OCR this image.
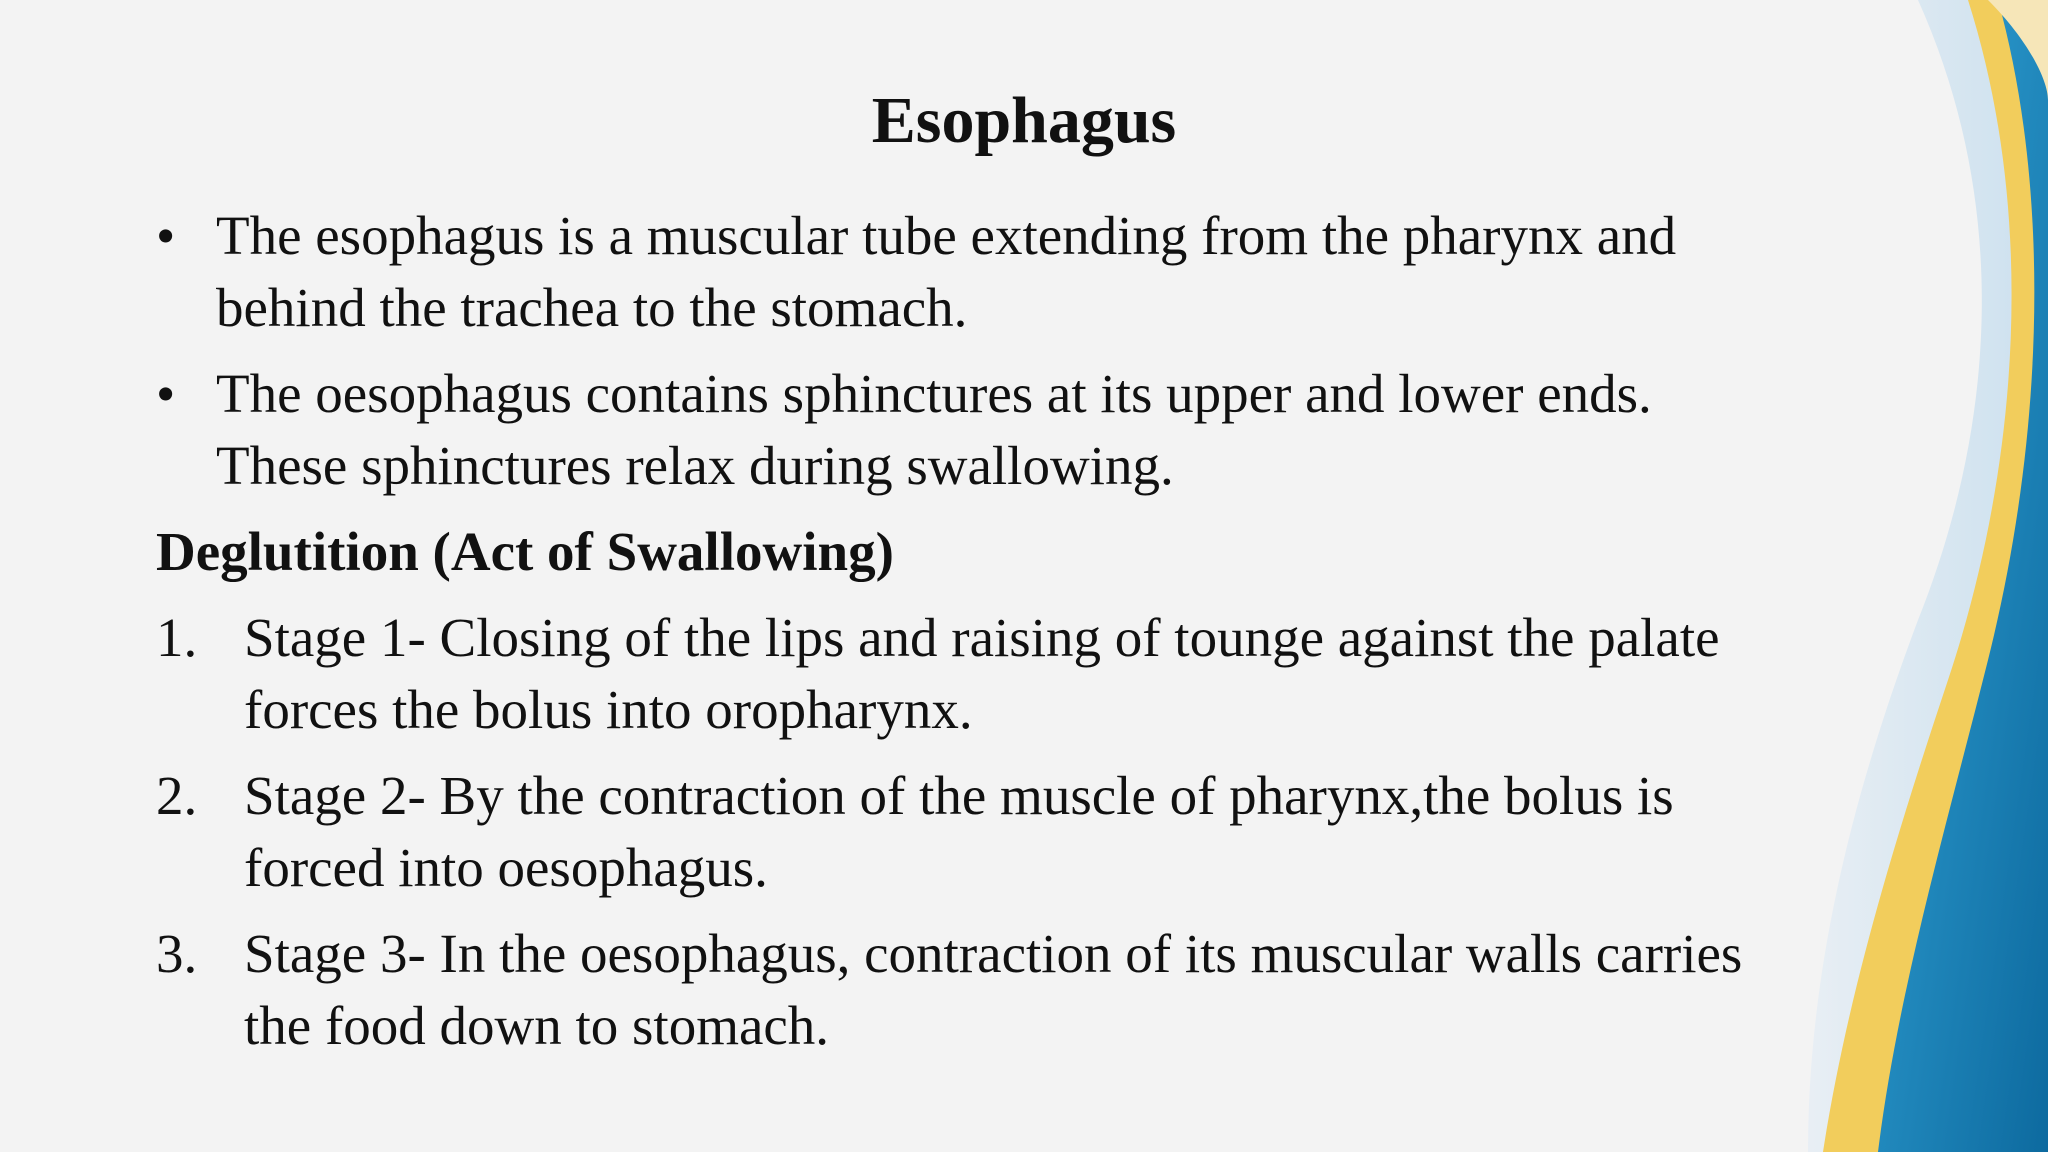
Esophagus
• The esophagus is a muscular tube extending from the pharynx and
behind the trachea to the stomach.
• The oesophagus contains sphinctures at its upper and lower ends.
These sphinctures relax during swallowing.
Deglutition (Act of Swallowing)
1. Stage 1- Closing of the lips and raising of tounge against the palate
forces the bolus into oropharynx.
2. Stage 2- By the contraction of the muscle of pharynx,the bolus is
forced into oesophagus.
3. Stage 3- In the oesophagus, contraction of its muscular walls carries
the food down to stomach.
